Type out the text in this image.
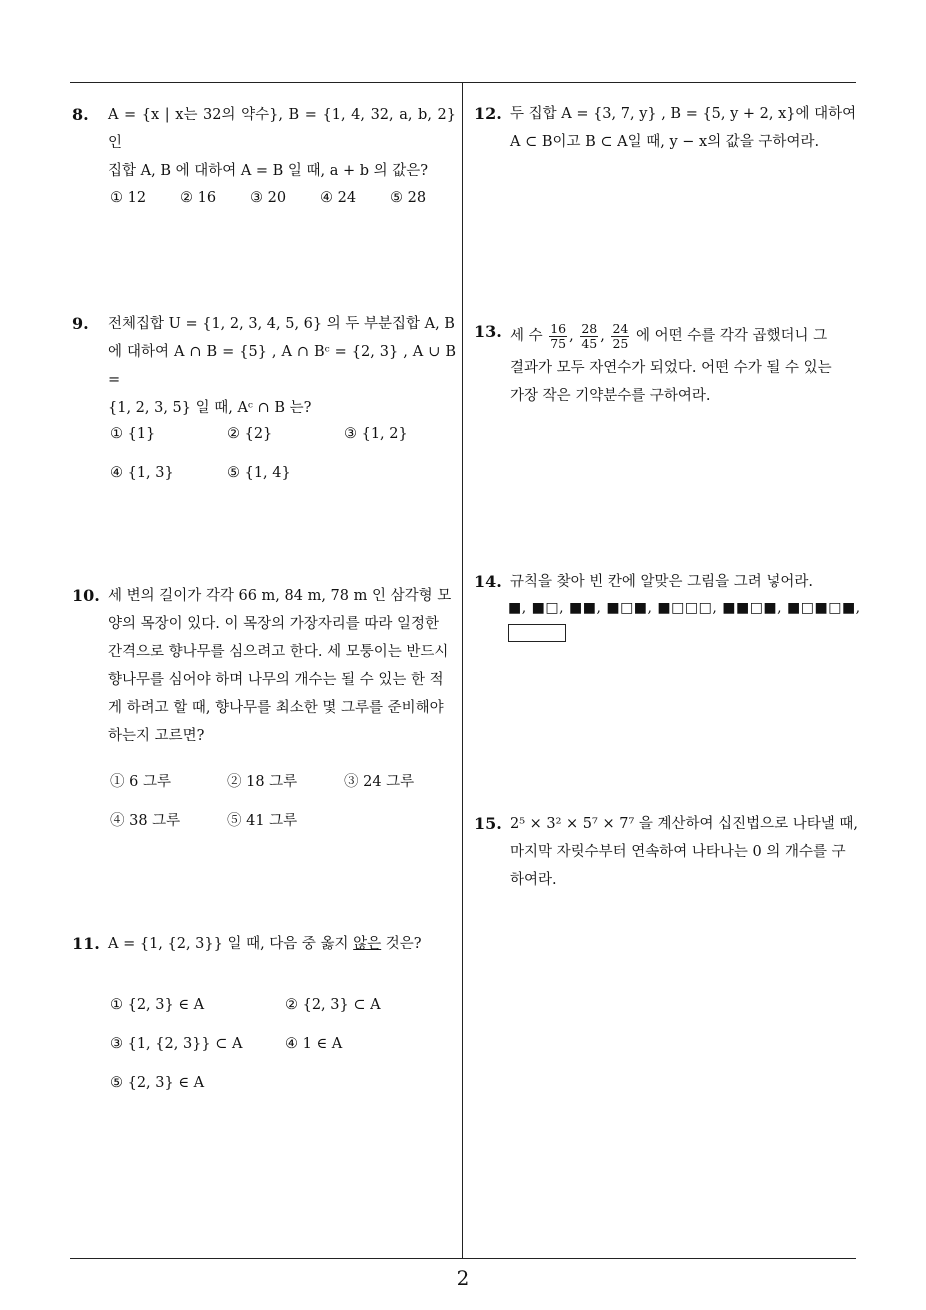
8. A = {x | x는 32의 약수}, B = {1, 4, 32, a, b, 2} 인
집합 A, B 에 대하여 A = B 일 때, a + b 의 값은?
① 12 ② 16 ③ 20 ④ 24 ⑤ 28
9. 전체집합 U = {1, 2, 3, 4, 5, 6} 의 두 부분집합 A, B
에 대하여 A ∩ B = {5} , A ∩ Bᶜ = {2, 3} , A ∪ B =
{1, 2, 3, 5} 일 때, Aᶜ ∩ B 는?
① {1}	② {2}	③ {1, 2}
④ {1, 3}	⑤ {1, 4}
10. 세 변의 길이가 각각 66 m, 84 m, 78 m 인 삼각형 모
양의 목장이 있다. 이 목장의 가장자리를 따라 일정한
간격으로 향나무를 심으려고 한다. 세 모퉁이는 반드시
향나무를 심어야 하며 나무의 개수는 될 수 있는 한 적
게 하려고 할 때, 향나무를 최소한 몇 그루를 준비해야
하는지 고르면?
① 6 그루	② 18 그루	③ 24 그루
④ 38 그루	⑤ 41 그루
11. A = {1, {2, 3}} 일 때, 다음 중 옳지 않은 것은?
① {2, 3} ∈ A	② {2, 3} ⊂ A
③ {1, {2, 3}} ⊂ A	④ 1 ∈ A
⑤ {2, 3} ∈ A
12. 두 집합 A = {3, 7, y} , B = {5, y + 2, x}에 대하여
A ⊂ B이고 B ⊂ A일 때, y − x의 값을 구하여라.
13. 세 수 $\frac{16}{75}$ , $\frac{28}{45}$ , $\frac{24}{25}$ 에 어떤 수를 각각 곱했더니 그
결과가 모두 자연수가 되었다. 어떤 수가 될 수 있는
가장 작은 기약분수를 구하여라.
14. 규칙을 찾아 빈 칸에 알맞은 그림을 그려 넣어라.
■, ■□, ■■, ■□■, ■□□□, ■■□■, ■□■□■,
15. 2⁵ × 3² × 5⁷ × 7⁷ 을 계산하여 십진법으로 나타낼 때,
마지막 자릿수부터 연속하여 나타나는 0 의 개수를 구
하여라.
2
